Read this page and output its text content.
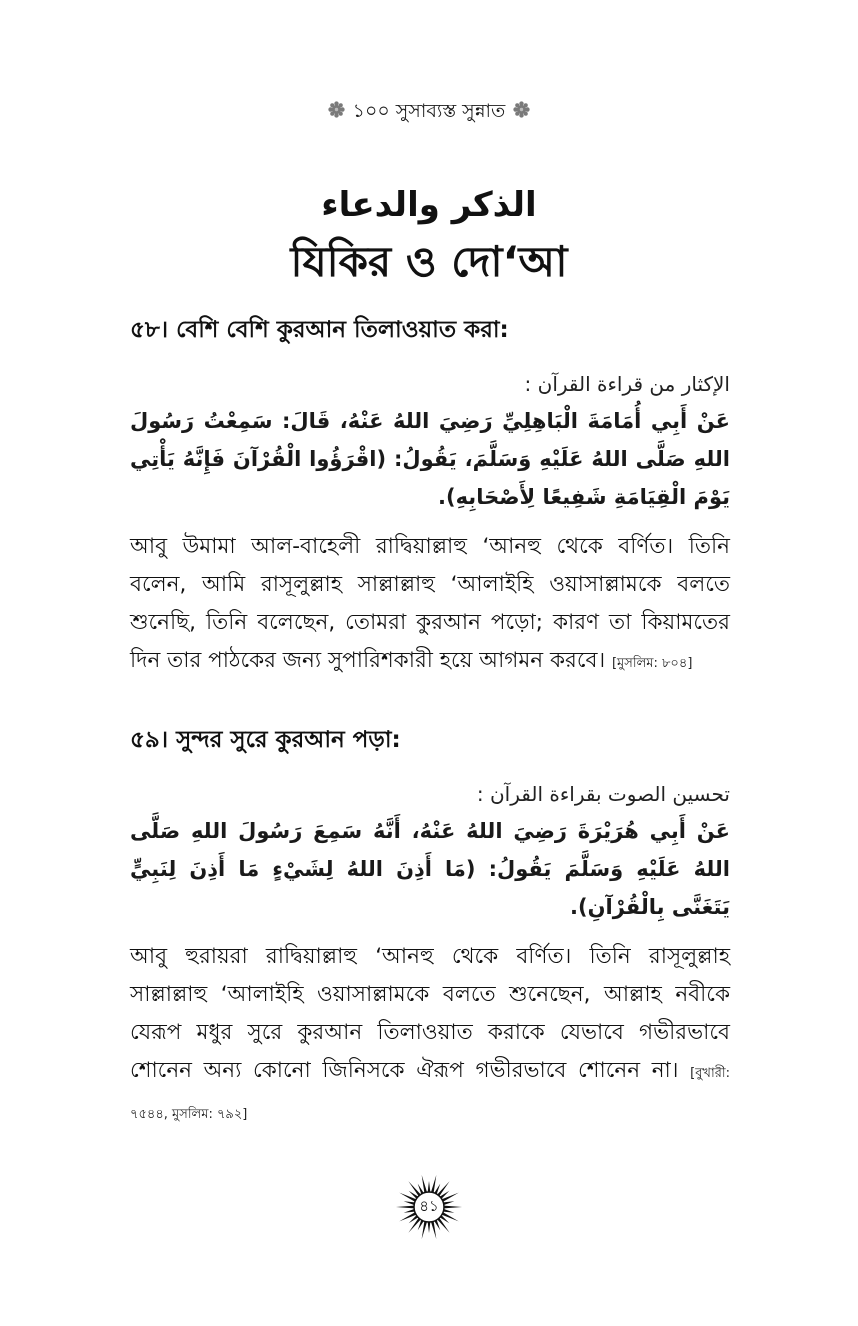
১০০ সুসাব্যস্ত সুন্নাত
الذكر والدعاء
যিকির ও দো‘আ
৫৮। বেশি বেশি কুরআন তিলাওয়াত করা:
الإكثار من قراءة القرآن :
عَنْ أَبِي أُمَامَةَ الْبَاهِلِيِّ رَضِيَ اللهُ عَنْهُ، قَالَ: سَمِعْتُ رَسُولَ اللهِ صَلَّى اللهُ عَلَيْهِ وَسَلَّمَ، يَقُولُ: (اقْرَؤُوا الْقُرْآنَ فَإِنَّهُ يَأْتِي يَوْمَ الْقِيَامَةِ شَفِيعًا لِأَصْحَابِهِ).
আবু উমামা আল-বাহেলী রাদ্বিয়াল্লাহু ‘আনহু থেকে বর্ণিত। তিনি বলেন, আমি রাসূলুল্লাহ সাল্লাল্লাহু ‘আলাইহি ওয়াসাল্লামকে বলতে শুনেছি, তিনি বলেছেন, তোমরা কুরআন পড়ো; কারণ তা কিয়ামতের দিন তার পাঠকের জন্য সুপারিশকারী হয়ে আগমন করবে। [মুসলিম: ৮০৪]
৫৯। সুন্দর সুরে কুরআন পড়া:
تحسين الصوت بقراءة القرآن :
عَنْ أَبِي هُرَيْرَةَ رَضِيَ اللهُ عَنْهُ، أَنَّهُ سَمِعَ رَسُولَ اللهِ صَلَّى اللهُ عَلَيْهِ وَسَلَّمَ يَقُولُ: (مَا أَذِنَ اللهُ لِشَيْءٍ مَا أَذِنَ لِنَبِيٍّ يَتَغَنَّى بِالْقُرْآنِ).
আবু হুরায়রা রাদ্বিয়াল্লাহু ‘আনহু থেকে বর্ণিত। তিনি রাসূলুল্লাহ সাল্লাল্লাহু ‘আলাইহি ওয়াসাল্লামকে বলতে শুনেছেন, আল্লাহ নবীকে যেরূপ মধুর সুরে কুরআন তিলাওয়াত করাকে যেভাবে গভীরভাবে শোনেন অন্য কোনো জিনিসকে ঐরূপ গভীরভাবে শোনেন না। [বুখারী: ৭৫৪৪, মুসলিম: ৭৯২]
৪১
